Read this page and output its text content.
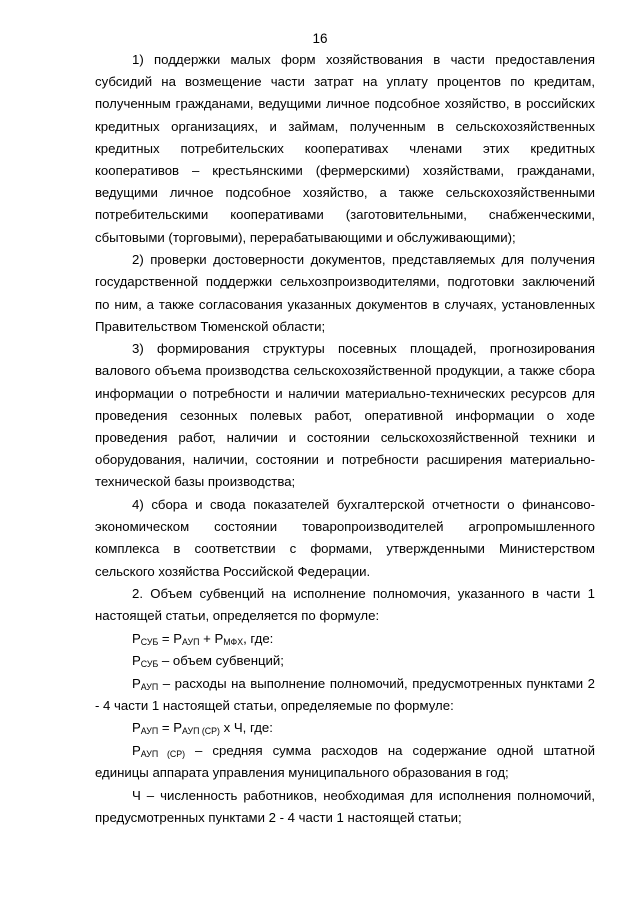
16

1) поддержки малых форм хозяйствования в части предоставления субсидий на возмещение части затрат на уплату процентов по кредитам, полученным гражданами, ведущими личное подсобное хозяйство, в российских кредитных организациях, и займам, полученным в сельскохозяйственных кредитных потребительских кооперативах членами этих кредитных кооперативов – крестьянскими (фермерскими) хозяйствами, гражданами, ведущими личное подсобное хозяйство, а также сельскохозяйственными потребительскими кооперативами (заготовительными, снабженческими, сбытовыми (торговыми), перерабатывающими и обслуживающими);

2) проверки достоверности документов, представляемых для получения государственной поддержки сельхозпроизводителями, подготовки заключений по ним, а также согласования указанных документов в случаях, установленных Правительством Тюменской области;

3) формирования структуры посевных площадей, прогнозирования валового объема производства сельскохозяйственной продукции, а также сбора информации о потребности и наличии материально-технических ресурсов для проведения сезонных полевых работ, оперативной информации о ходе проведения работ, наличии и состоянии сельскохозяйственной техники и оборудования, наличии, состоянии и потребности расширения материально-технической базы производства;

4) сбора и свода показателей бухгалтерской отчетности о финансово-экономическом состоянии товаропроизводителей агропромышленного комплекса в соответствии с формами, утвержденными Министерством сельского хозяйства Российской Федерации.

2. Объем субвенций на исполнение полномочия, указанного в части 1 настоящей статьи, определяется по формуле:

$Р_{СУБ} = Р_{АУП} + Р_{МФХ}$, где:

$Р_{СУБ}$ – объем субвенций;

$Р_{АУП}$ – расходы на выполнение полномочий, предусмотренных пунктами 2 - 4 части 1 настоящей статьи, определяемые по формуле:

$Р_{АУП} = Р_{АУП (СР)}$ х Ч, где:

$Р_{АУП (СР)}$ – средняя сумма расходов на содержание одной штатной единицы аппарата управления муниципального образования в год;

Ч – численность работников, необходимая для исполнения полномочий, предусмотренных пунктами 2 - 4 части 1 настоящей статьи;
